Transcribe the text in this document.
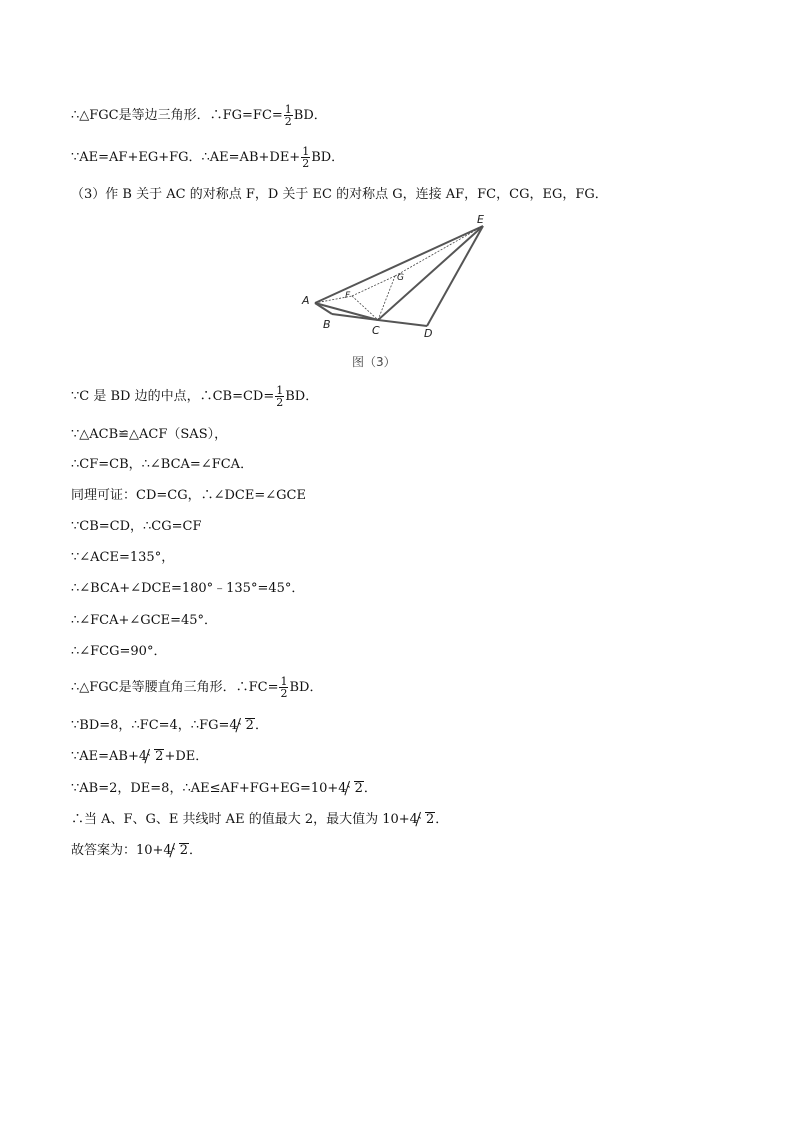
∴△FGC是等边三角形．∴FG=FC= $\frac{1}{2}$ BD．
∵AE=AF+EG+FG．∴AE=AB+DE+ $\frac{1}{2}$ BD．
（3）作 B 关于 AC 的对称点 F，D 关于 EC 的对称点 G，连接 AF，FC，CG，EG，FG．
A
B	C	D
E
F
G
图（3）
∵C 是 BD 边的中点，∴CB=CD= $\frac{1}{2}$ BD．
∵△ACB≌△ACF（SAS），
∴CF=CB，∴∠BCA=∠FCA．
同理可证：CD=CG，∴∠DCE=∠GCE
∵CB=CD，∴CG=CF
∵∠ACE=135°，
∴∠BCA+∠DCE=180°﹣135°=45°．
∴∠FCA+∠GCE=45°．
∴∠FCG=90°．
∴△FGC是等腰直角三角形．∴FC= $\frac{1}{2}$ BD．
∵BD=8，∴FC=4，∴FG=4 2．
∵AE=AB+4 2+DE．
∵AB=2，DE=8，∴AE≤AF+FG+EG=10+4 2．
∴当 A、F、G、E 共线时 AE 的值最大 2，最大值为 10+4 2．
故答案为：10+4 2．
